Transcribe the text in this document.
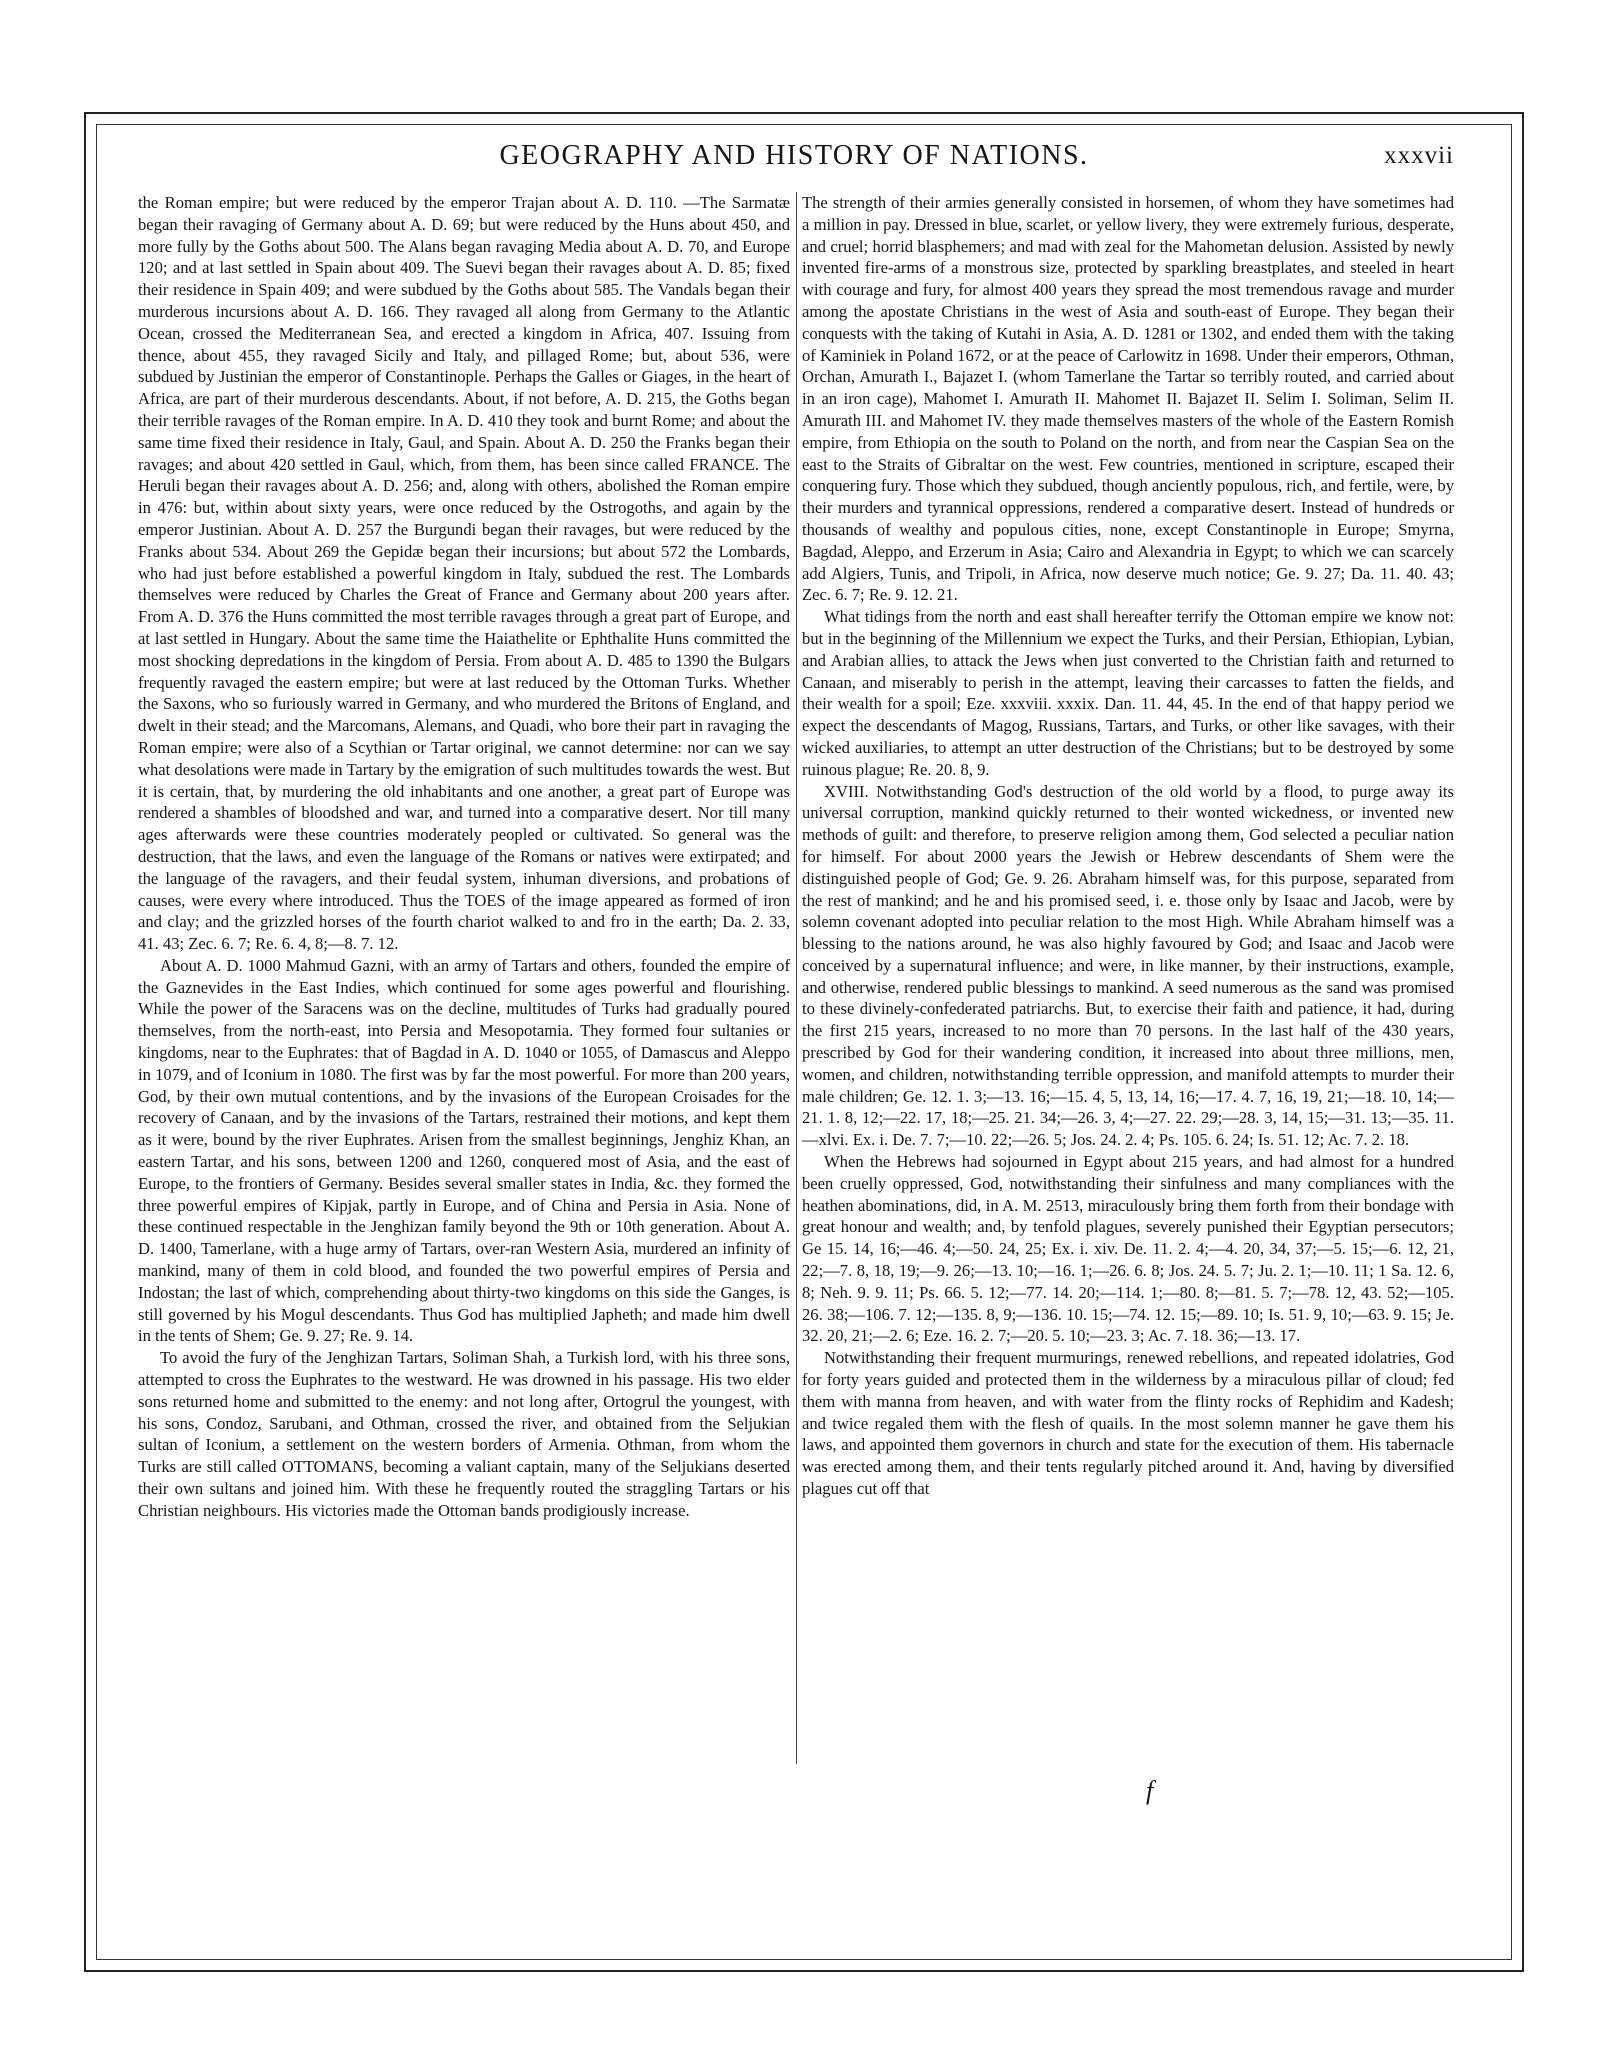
GEOGRAPHY AND HISTORY OF NATIONS.	xxxvii

the Roman empire; but were reduced by the emperor Trajan about A. D. 110. —The Sarmatæ began their ravaging of Germany about A. D. 69; but were reduced by the Huns about 450, and more fully by the Goths about 500. The Alans began ravaging Media about A. D. 70, and Europe 120; and at last settled in Spain about 409. The Suevi began their ravages about A. D. 85; fixed their residence in Spain 409; and were subdued by the Goths about 585. The Vandals began their murderous incursions about A. D. 166. They ravaged all along from Germany to the Atlantic Ocean, crossed the Mediterranean Sea, and erected a kingdom in Africa, 407. Issuing from thence, about 455, they ravaged Sicily and Italy, and pillaged Rome; but, about 536, were subdued by Justinian the emperor of Constantinople. Perhaps the Galles or Giages, in the heart of Africa, are part of their murderous descendants. About, if not before, A. D. 215, the Goths began their terrible ravages of the Roman empire. In A. D. 410 they took and burnt Rome; and about the same time fixed their residence in Italy, Gaul, and Spain. About A. D. 250 the Franks began their ravages; and about 420 settled in Gaul, which, from them, has been since called FRANCE. The Heruli began their ravages about A. D. 256; and, along with others, abolished the Roman empire in 476: but, within about sixty years, were once reduced by the Ostrogoths, and again by the emperor Justinian. About A. D. 257 the Burgundi began their ravages, but were reduced by the Franks about 534. About 269 the Gepidæ began their incursions; but about 572 the Lombards, who had just before established a powerful kingdom in Italy, subdued the rest. The Lombards themselves were reduced by Charles the Great of France and Germany about 200 years after. From A. D. 376 the Huns committed the most terrible ravages through a great part of Europe, and at last settled in Hungary. About the same time the Haiathelite or Ephthalite Huns committed the most shocking depredations in the kingdom of Persia. From about A. D. 485 to 1390 the Bulgars frequently ravaged the eastern empire; but were at last reduced by the Ottoman Turks. Whether the Saxons, who so furiously warred in Germany, and who murdered the Britons of England, and dwelt in their stead; and the Marcomans, Alemans, and Quadi, who bore their part in ravaging the Roman empire; were also of a Scythian or Tartar original, we cannot determine: nor can we say what desolations were made in Tartary by the emigration of such multitudes towards the west. But it is certain, that, by murdering the old inhabitants and one another, a great part of Europe was rendered a shambles of bloodshed and war, and turned into a comparative desert. Nor till many ages afterwards were these countries moderately peopled or cultivated. So general was the destruction, that the laws, and even the language of the Romans or natives were extirpated; and the language of the ravagers, and their feudal system, inhuman diversions, and probations of causes, were every where introduced. Thus the TOES of the image appeared as formed of iron and clay; and the grizzled horses of the fourth chariot walked to and fro in the earth; Da. 2. 33, 41. 43; Zec. 6. 7; Re. 6. 4, 8;—8. 7. 12.

About A. D. 1000 Mahmud Gazni, with an army of Tartars and others, founded the empire of the Gaznevides in the East Indies, which continued for some ages powerful and flourishing. While the power of the Saracens was on the decline, multitudes of Turks had gradually poured themselves, from the north-east, into Persia and Mesopotamia. They formed four sultanies or kingdoms, near to the Euphrates: that of Bagdad in A. D. 1040 or 1055, of Damascus and Aleppo in 1079, and of Iconium in 1080. The first was by far the most powerful. For more than 200 years, God, by their own mutual contentions, and by the invasions of the European Croisades for the recovery of Canaan, and by the invasions of the Tartars, restrained their motions, and kept them as it were, bound by the river Euphrates. Arisen from the smallest beginnings, Jenghiz Khan, an eastern Tartar, and his sons, between 1200 and 1260, conquered most of Asia, and the east of Europe, to the frontiers of Germany. Besides several smaller states in India, &c. they formed the three powerful empires of Kipjak, partly in Europe, and of China and Persia in Asia. None of these continued respectable in the Jenghizan family beyond the 9th or 10th generation. About A. D. 1400, Tamerlane, with a huge army of Tartars, over-ran Western Asia, murdered an infinity of mankind, many of them in cold blood, and founded the two powerful empires of Persia and Indostan; the last of which, comprehending about thirty-two kingdoms on this side the Ganges, is still governed by his Mogul descendants. Thus God has multiplied Japheth; and made him dwell in the tents of Shem; Ge. 9. 27; Re. 9. 14.

To avoid the fury of the Jenghizan Tartars, Soliman Shah, a Turkish lord, with his three sons, attempted to cross the Euphrates to the westward. He was drowned in his passage. His two elder sons returned home and submitted to the enemy: and not long after, Ortogrul the youngest, with his sons, Condoz, Sarubani, and Othman, crossed the river, and obtained from the Seljukian sultan of Iconium, a settlement on the western borders of Armenia. Othman, from whom the Turks are still called OTTOMANS, becoming a valiant captain, many of the Seljukians deserted their own sultans and joined him. With these he frequently routed the straggling Tartars or his Christian neighbours. His victories made the Ottoman bands prodigiously increase.

The strength of their armies generally consisted in horsemen, of whom they have sometimes had a million in pay. Dressed in blue, scarlet, or yellow livery, they were extremely furious, desperate, and cruel; horrid blasphemers; and mad with zeal for the Mahometan delusion. Assisted by newly invented fire-arms of a monstrous size, protected by sparkling breastplates, and steeled in heart with courage and fury, for almost 400 years they spread the most tremendous ravage and murder among the apostate Christians in the west of Asia and south-east of Europe. They began their conquests with the taking of Kutahi in Asia, A. D. 1281 or 1302, and ended them with the taking of Kaminiek in Poland 1672, or at the peace of Carlowitz in 1698. Under their emperors, Othman, Orchan, Amurath I., Bajazet I. (whom Tamerlane the Tartar so terribly routed, and carried about in an iron cage), Mahomet I. Amurath II. Mahomet II. Bajazet II. Selim I. Soliman, Selim II. Amurath III. and Mahomet IV. they made themselves masters of the whole of the Eastern Romish empire, from Ethiopia on the south to Poland on the north, and from near the Caspian Sea on the east to the Straits of Gibraltar on the west. Few countries, mentioned in scripture, escaped their conquering fury. Those which they subdued, though anciently populous, rich, and fertile, were, by their murders and tyrannical oppressions, rendered a comparative desert. Instead of hundreds or thousands of wealthy and populous cities, none, except Constantinople in Europe; Smyrna, Bagdad, Aleppo, and Erzerum in Asia; Cairo and Alexandria in Egypt; to which we can scarcely add Algiers, Tunis, and Tripoli, in Africa, now deserve much notice; Ge. 9. 27; Da. 11. 40. 43; Zec. 6. 7; Re. 9. 12. 21.

What tidings from the north and east shall hereafter terrify the Ottoman empire we know not: but in the beginning of the Millennium we expect the Turks, and their Persian, Ethiopian, Lybian, and Arabian allies, to attack the Jews when just converted to the Christian faith and returned to Canaan, and miserably to perish in the attempt, leaving their carcasses to fatten the fields, and their wealth for a spoil; Eze. xxxviii. xxxix. Dan. 11. 44, 45. In the end of that happy period we expect the descendants of Magog, Russians, Tartars, and Turks, or other like savages, with their wicked auxiliaries, to attempt an utter destruction of the Christians; but to be destroyed by some ruinous plague; Re. 20. 8, 9.

XVIII. Notwithstanding God's destruction of the old world by a flood, to purge away its universal corruption, mankind quickly returned to their wonted wickedness, or invented new methods of guilt: and therefore, to preserve religion among them, God selected a peculiar nation for himself. For about 2000 years the Jewish or Hebrew descendants of Shem were the distinguished people of God; Ge. 9. 26. Abraham himself was, for this purpose, separated from the rest of mankind; and he and his promised seed, i. e. those only by Isaac and Jacob, were by solemn covenant adopted into peculiar relation to the most High. While Abraham himself was a blessing to the nations around, he was also highly favoured by God; and Isaac and Jacob were conceived by a supernatural influence; and were, in like manner, by their instructions, example, and otherwise, rendered public blessings to mankind. A seed numerous as the sand was promised to these divinely-confederated patriarchs. But, to exercise their faith and patience, it had, during the first 215 years, increased to no more than 70 persons. In the last half of the 430 years, prescribed by God for their wandering condition, it increased into about three millions, men, women, and children, notwithstanding terrible oppression, and manifold attempts to murder their male children; Ge. 12. 1. 3;—13. 16;—15. 4, 5, 13, 14, 16;—17. 4. 7, 16, 19, 21;—18. 10, 14;—21. 1. 8, 12;—22. 17, 18;—25. 21. 34;—26. 3, 4;—27. 22. 29;—28. 3, 14, 15;—31. 13;—35. 11.—xlvi. Ex. i. De. 7. 7;—10. 22;—26. 5; Jos. 24. 2. 4; Ps. 105. 6. 24; Is. 51. 12; Ac. 7. 2. 18.

When the Hebrews had sojourned in Egypt about 215 years, and had almost for a hundred been cruelly oppressed, God, notwithstanding their sinfulness and many compliances with the heathen abominations, did, in A. M. 2513, miraculously bring them forth from their bondage with great honour and wealth; and, by tenfold plagues, severely punished their Egyptian persecutors; Ge 15. 14, 16;—46. 4;—50. 24, 25; Ex. i. xiv. De. 11. 2. 4;—4. 20, 34, 37;—5. 15;—6. 12, 21, 22;—7. 8, 18, 19;—9. 26;—13. 10;—16. 1;—26. 6. 8; Jos. 24. 5. 7; Ju. 2. 1;—10. 11; 1 Sa. 12. 6, 8; Neh. 9. 9. 11; Ps. 66. 5. 12;—77. 14. 20;—114. 1;—80. 8;—81. 5. 7;—78. 12, 43. 52;—105. 26. 38;—106. 7. 12;—135. 8, 9;—136. 10. 15;—74. 12. 15;—89. 10; Is. 51. 9, 10;—63. 9. 15; Je. 32. 20, 21;—2. 6; Eze. 16. 2. 7;—20. 5. 10;—23. 3; Ac. 7. 18. 36;—13. 17.

Notwithstanding their frequent murmurings, renewed rebellions, and repeated idolatries, God for forty years guided and protected them in the wilderness by a miraculous pillar of cloud; fed them with manna from heaven, and with water from the flinty rocks of Rephidim and Kadesh; and twice regaled them with the flesh of quails. In the most solemn manner he gave them his laws, and appointed them governors in church and state for the execution of them. His tabernacle was erected among them, and their tents regularly pitched around it. And, having by diversified plagues cut off that

f
